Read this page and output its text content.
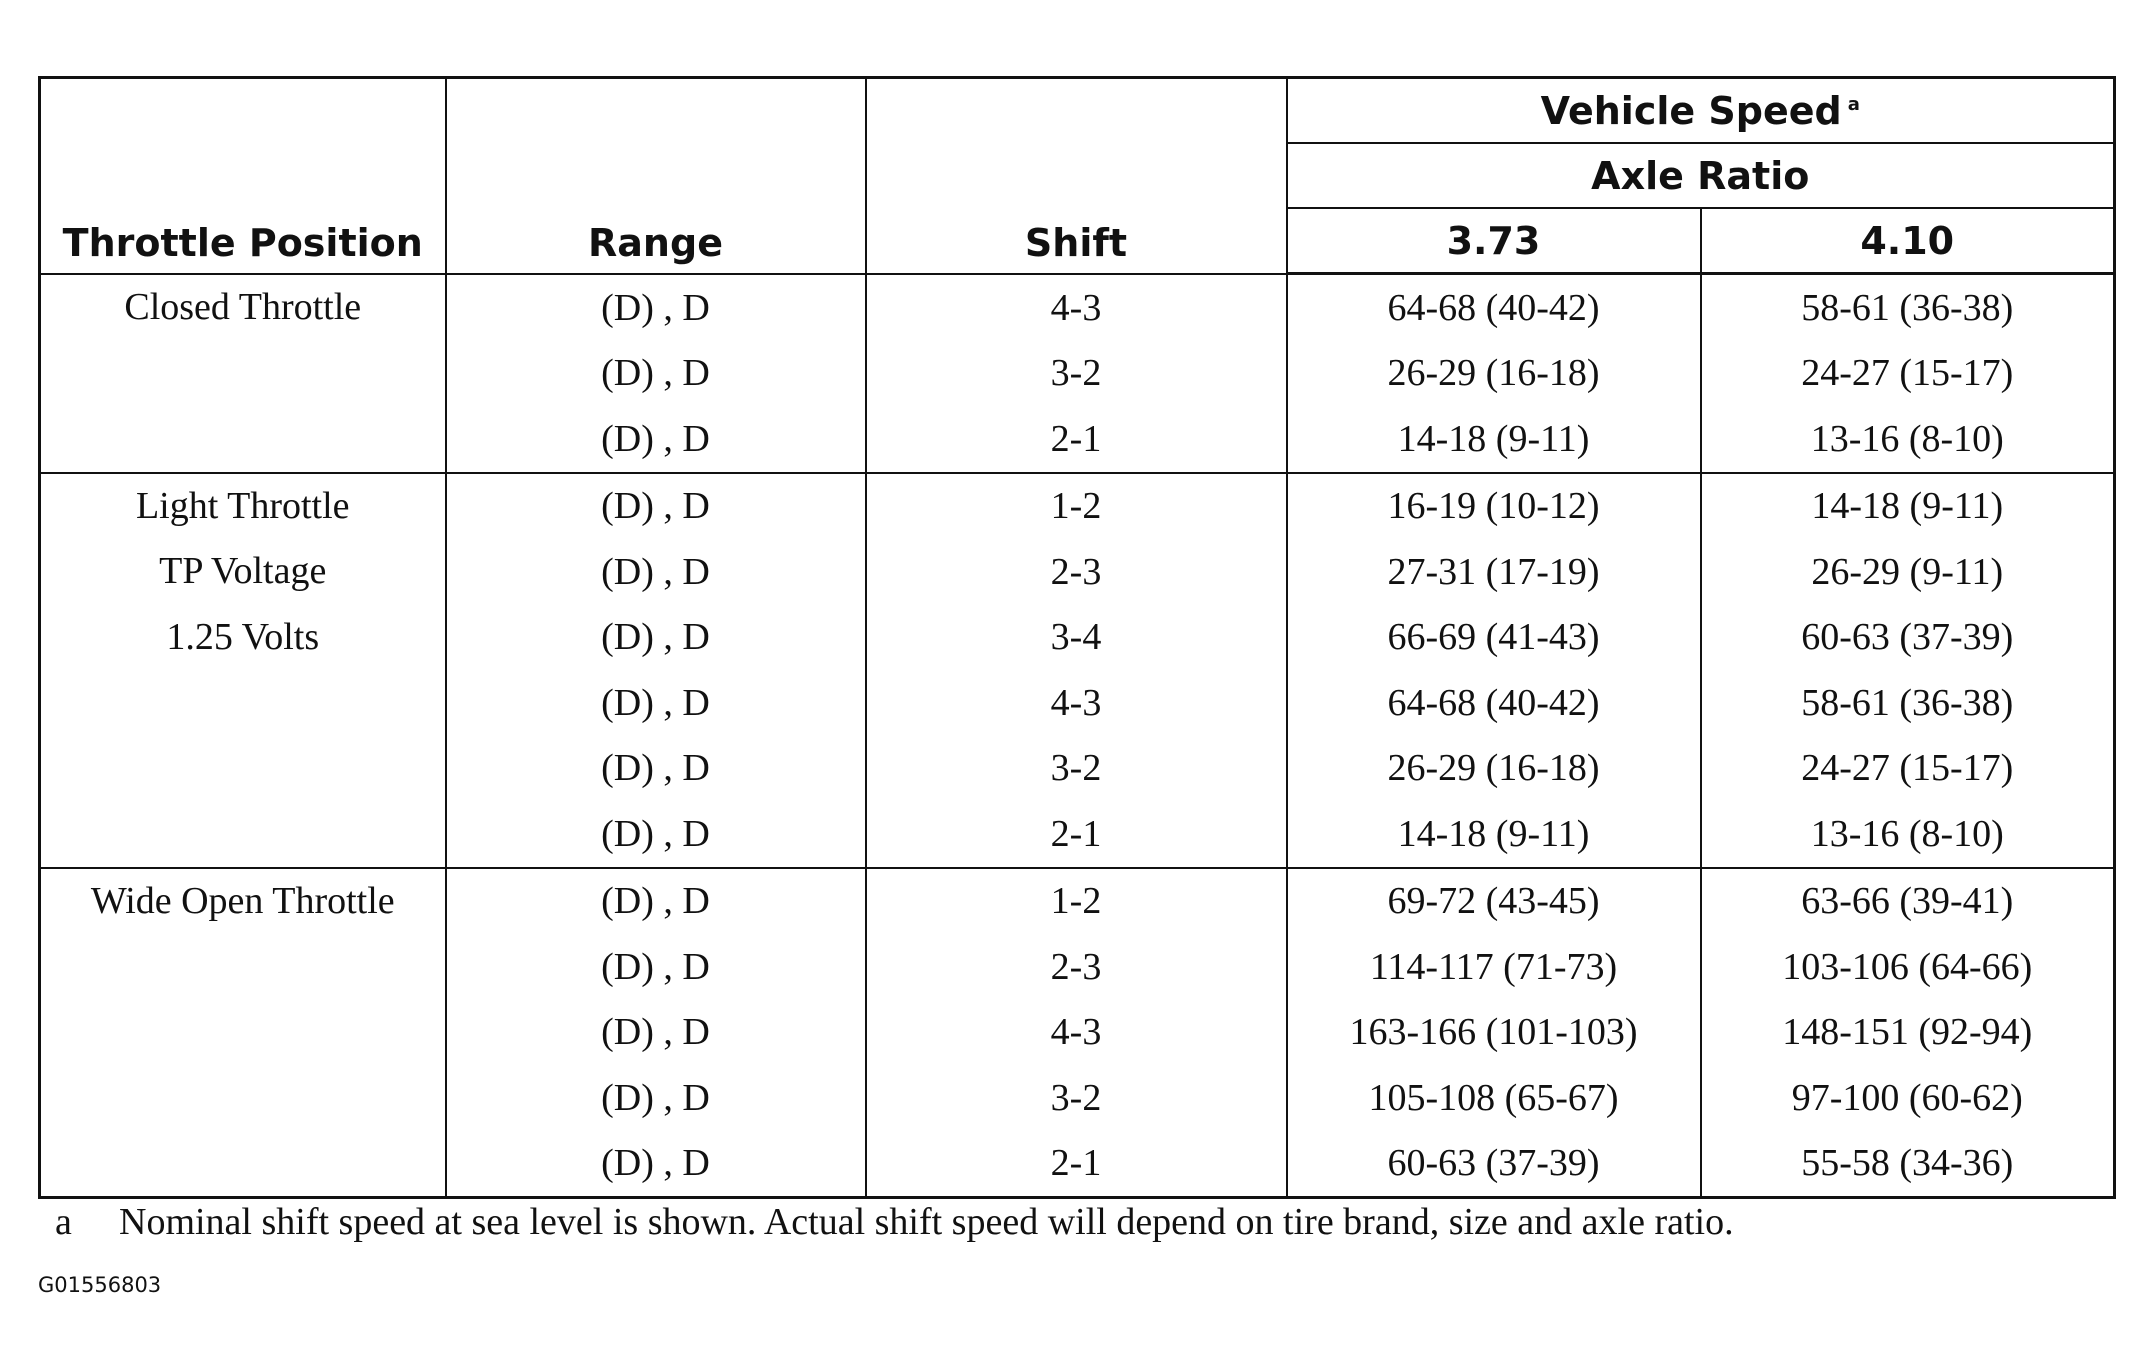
Throttle Position	Range	Shift	Vehicle Speed $^a$
			Axle Ratio	
			3.73	4.10

Closed Throttle	(D) , D	4-3	64-68 (40-42)	58-61 (36-38)
	(D) , D	3-2	26-29 (16-18)	24-27 (15-17)
	(D) , D	2-1	14-18 (9-11)	13-16 (8-10)

Light Throttle
TP Voltage
1.25 Volts	(D) , D	1-2	16-19 (10-12)	14-18 (9-11)
	(D) , D	2-3	27-31 (17-19)	26-29 (9-11)
	(D) , D	3-4	66-69 (41-43)	60-63 (37-39)
	(D) , D	4-3	64-68 (40-42)	58-61 (36-38)
	(D) , D	3-2	26-29 (16-18)	24-27 (15-17)
	(D) , D	2-1	14-18 (9-11)	13-16 (8-10)

Wide Open Throttle	(D) , D	1-2	69-72 (43-45)	63-66 (39-41)
	(D) , D	2-3	114-117 (71-73)	103-106 (64-66)
	(D) , D	4-3	163-166 (101-103)	148-151 (92-94)
	(D) , D	3-2	105-108 (65-67)	97-100 (60-62)
	(D) , D	2-1	60-63 (37-39)	55-58 (34-36)
a Nominal shift speed at sea level is shown. Actual shift speed will depend on tire brand, size and axle ratio.
G01556803
